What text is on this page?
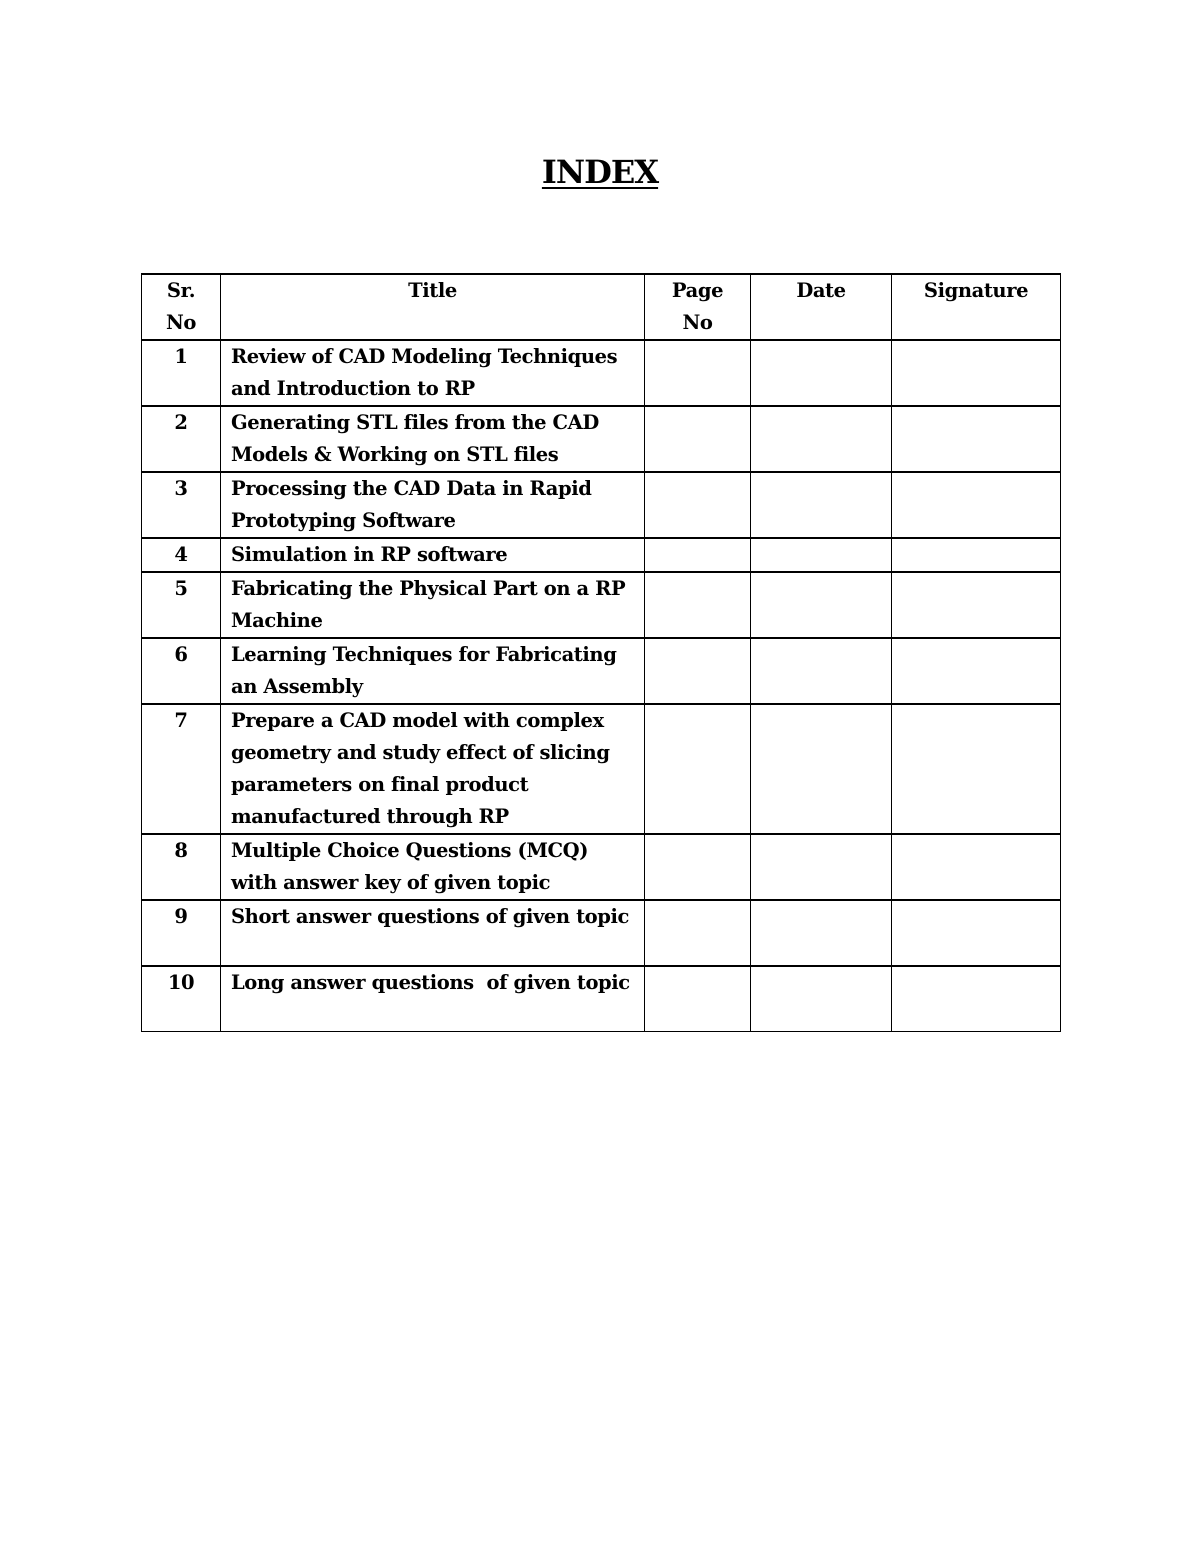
INDEX
Sr. No	Title	Page No	Date	Signature
1	Review of CAD Modeling Techniques and Introduction to RP			
2	Generating STL files from the CAD Models & Working on STL files			
3	Processing the CAD Data in Rapid Prototyping Software			
4	Simulation in RP software			
5	Fabricating the Physical Part on a RP Machine			
6	Learning Techniques for Fabricating an Assembly			
7	Prepare a CAD model with complex geometry and study effect of slicing parameters on final product manufactured through RP			
8	Multiple Choice Questions (MCQ) with answer key of given topic			
9	Short answer questions of given topic			
10	Long answer questions  of given topic			
